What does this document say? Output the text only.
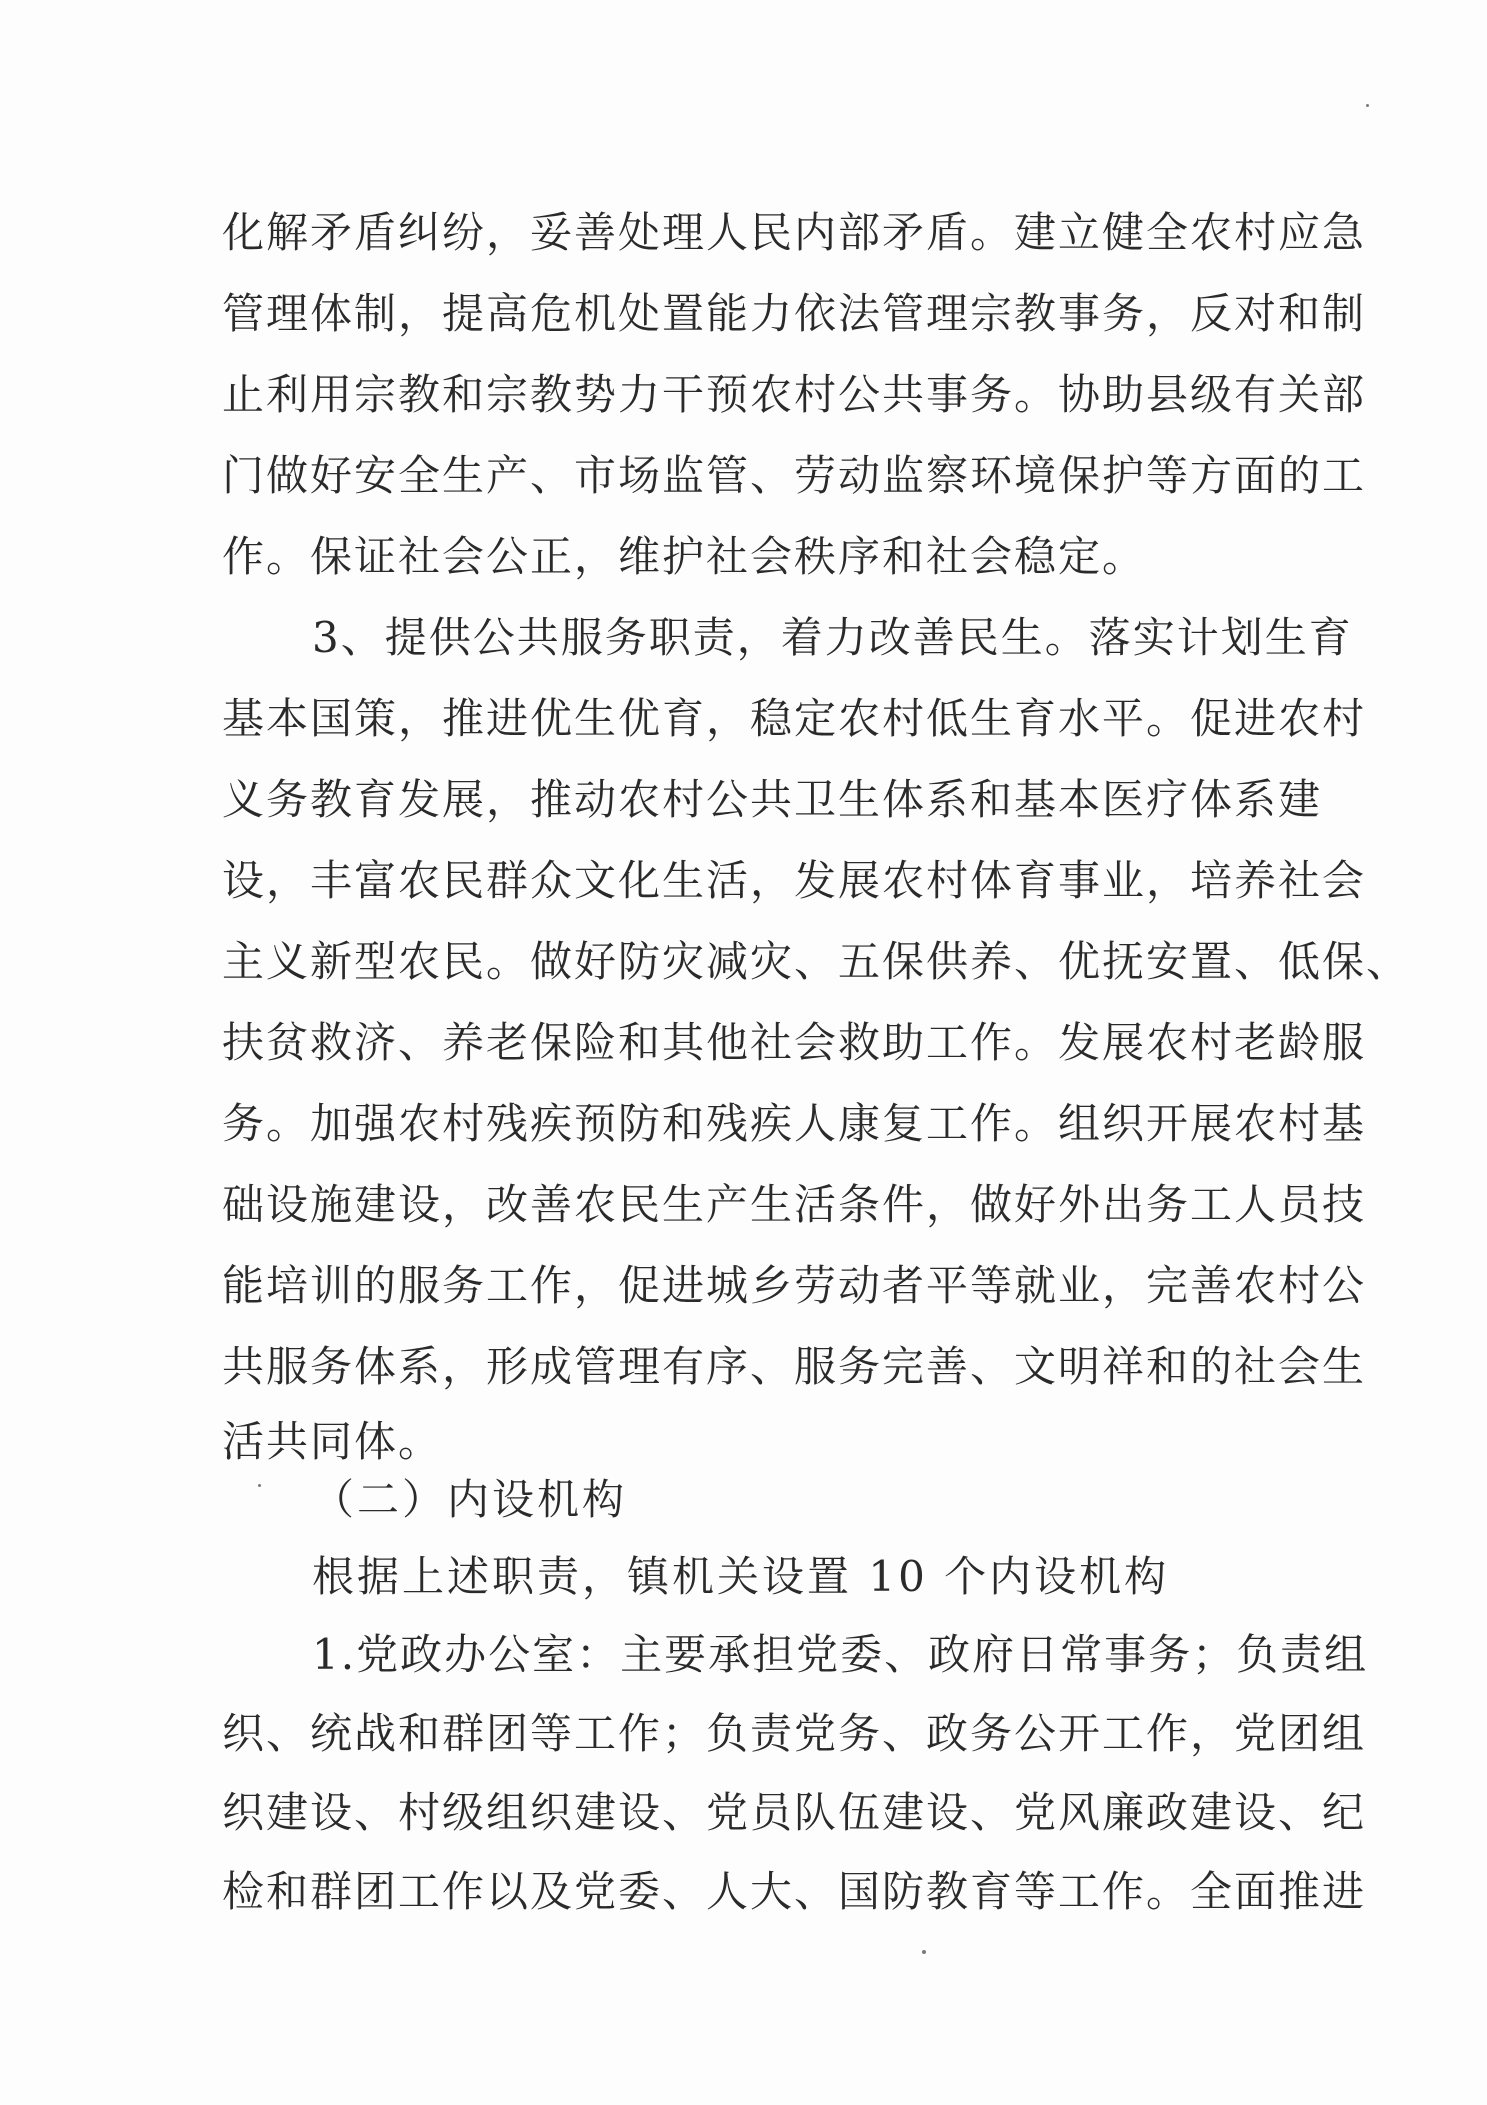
化解矛盾纠纷，妥善处理人民内部矛盾。建立健全农村应急
管理体制，提高危机处置能力依法管理宗教事务，反对和制
止利用宗教和宗教势力干预农村公共事务。协助县级有关部
门做好安全生产、市场监管、劳动监察环境保护等方面的工
作。保证社会公正，维护社会秩序和社会稳定。
3、提供公共服务职责，着力改善民生。落实计划生育
基本国策，推进优生优育，稳定农村低生育水平。促进农村
义务教育发展，推动农村公共卫生体系和基本医疗体系建
设，丰富农民群众文化生活，发展农村体育事业，培养社会
主义新型农民。做好防灾减灾、五保供养、优抚安置、低保、
扶贫救济、养老保险和其他社会救助工作。发展农村老龄服
务。加强农村残疾预防和残疾人康复工作。组织开展农村基
础设施建设，改善农民生产生活条件，做好外出务工人员技
能培训的服务工作，促进城乡劳动者平等就业，完善农村公
共服务体系，形成管理有序、服务完善、文明祥和的社会生
活共同体。
（二）内设机构
根据上述职责，镇机关设置 10 个内设机构
1.党政办公室：主要承担党委、政府日常事务；负责组
织、统战和群团等工作；负责党务、政务公开工作，党团组
织建设、村级组织建设、党员队伍建设、党风廉政建设、纪
检和群团工作以及党委、人大、国防教育等工作。全面推进
